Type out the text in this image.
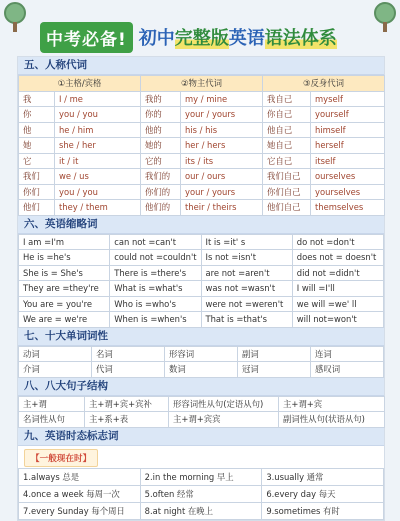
中考必备! 初中完整版英语语法体系
五、人称代词
①主格/宾格		②物主代词		③反身代词	
我	I / me	我的	my / mine	我自己	myself
你	you / you	你的	your / yours	你自己	yourself
他	he / him	他的	his / his	他自己	himself
她	she / her	她的	her / hers	她自己	herself
它	it / it	它的	its / its	它自己	itself
我们	we / us	我们的	our / ours	我们自己	ourselves
你们	you / you	你们的	your / yours	你们自己	yourselves
他们	they / them	他们的	their / theirs	他们自己	themselves
六、英语缩略词
I am =I'm	can not =can't	It is =it' s	do not =don't
He is =he's	could not =couldn't	Is not =isn't	does not = doesn't
She is = She's	There is =there's	are not =aren't	did not =didn't
They are =they're	What is =what's	was not =wasn't	I will =I'll
You are = you're	Who is =who's	were not =weren't	we will =we' ll
We are = we're	When is =when's	That is =that's	will not=won't
七、十大单词词性
动词	名词	形容词	副词	连词
介词	代词	数词	冠词	感叹词
八、八大句子结构
主+谓	主+谓+宾+宾补	形容词性从句(定语从句)	主+谓+宾
名词性从句	主+系+表	主+谓+宾宾	副词性从句(状语从句)
九、英语时态标志词
【一般现在时】
1.always 总是	2.in the morning 早上	3.usually 通常
4.once a week 每周一次	5.often 经常	6.every day 每天
7.every Sunday 每个周日	8.at night 在晚上	9.sometimes 有时
